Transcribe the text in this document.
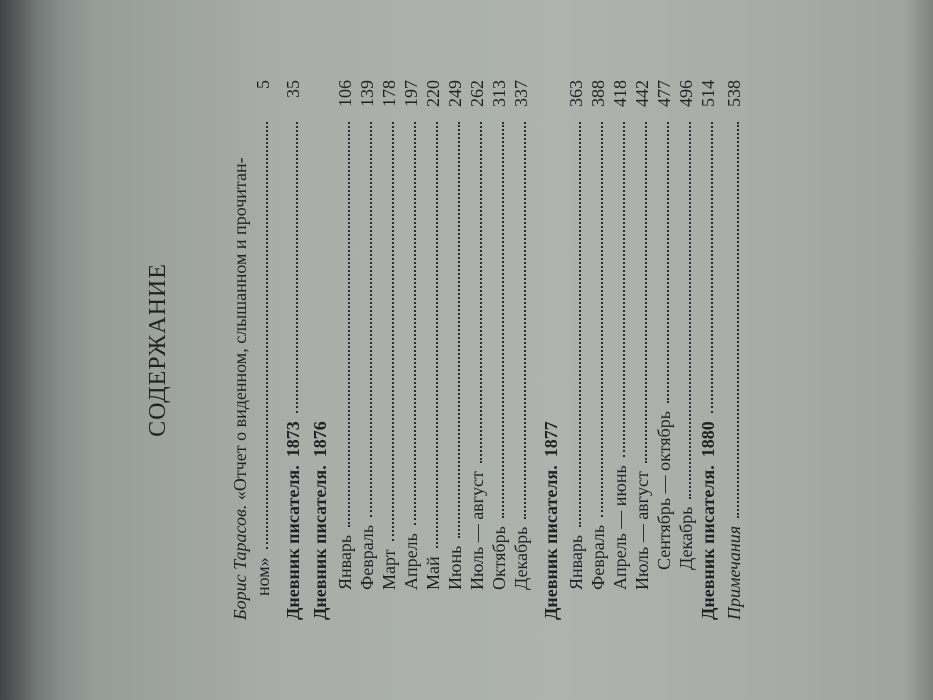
СОДЕРЖАНИЕ
Борис Тарасов. «Отчет о виденном, слышанном и прочитан-
ном»
5
Дневник писателя.1873
35
Дневник писателя.1876
Январь
106
Февраль
139
Март
178
Апрель
197
Май
220
Июнь
249
Июль — август
262
Октябрь
313
Декабрь
337
Дневник писателя.1877
Январь
363
Февраль
388
Апрель — июнь
418
Июль — август
442
Сентябрь — октябрь
477
Декабрь
496
Дневник писателя.1880
514
Примечания
538
